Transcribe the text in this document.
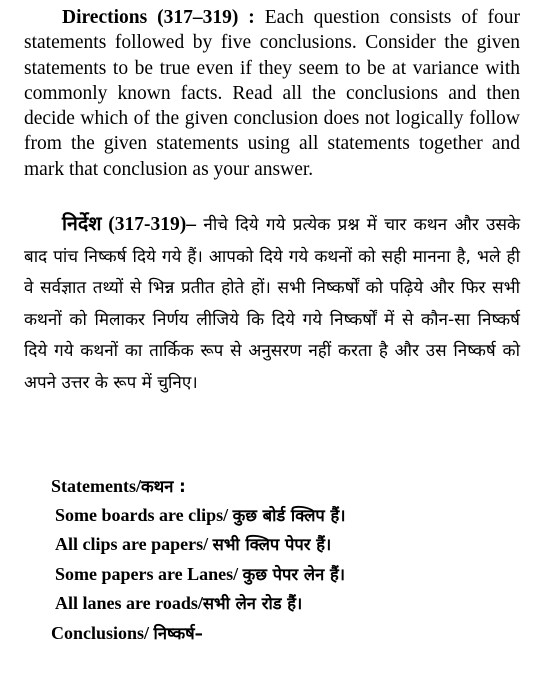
Directions (317–319) : Each question consists of four statements followed by five conclusions. Consider the given statements to be true even if they seem to be at variance with commonly known facts. Read all the conclusions and then decide which of the given conclusion does not logically follow from the given statements using all statements together and mark that conclusion as your answer.

निर्देश (317-319)– नीचे दिये गये प्रत्येक प्रश्न में चार कथन और उसके बाद पांच निष्कर्ष दिये गये हैं। आपको दिये गये कथनों को सही मानना है, भले ही वे सर्वज्ञात तथ्यों से भिन्न प्रतीत होते हों। सभी निष्कर्षों को पढ़िये और फिर सभी कथनों को मिलाकर निर्णय लीजिये कि दिये गये निष्कर्षों में से कौन-सा निष्कर्ष दिये गये कथनों का तार्किक रूप से अनुसरण नहीं करता है और उस निष्कर्ष को अपने उत्तर के रूप में चुनिए।

Statements/कथन :
Some boards are clips/ कुछ बोर्ड क्लिप हैं।
All clips are papers/ सभी क्लिप पेपर हैं।
Some papers are Lanes/ कुछ पेपर लेन हैं।
All lanes are roads/सभी लेन रोड हैं।
Conclusions/ निष्कर्ष–
